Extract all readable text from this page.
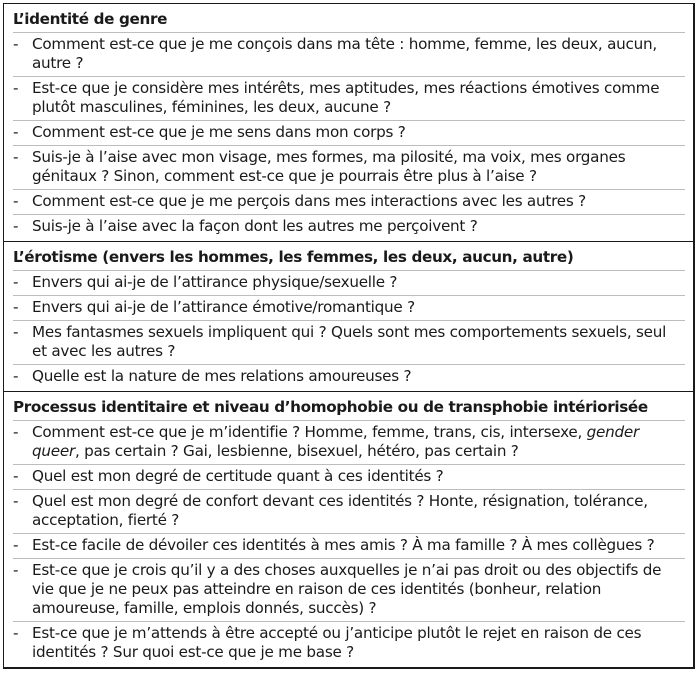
L’identité de genre
- Comment est-ce que je me conçois dans ma tête : homme, femme, les deux, aucun, autre ?
- Est-ce que je considère mes intérêts, mes aptitudes, mes réactions émotives comme plutôt masculines, féminines, les deux, aucune ?
- Comment est-ce que je me sens dans mon corps ?
- Suis-je à l’aise avec mon visage, mes formes, ma pilosité, ma voix, mes organes génitaux ? Sinon, comment est-ce que je pourrais être plus à l’aise ?
- Comment est-ce que je me perçois dans mes interactions avec les autres ?
- Suis-je à l’aise avec la façon dont les autres me perçoivent ?
L’érotisme (envers les hommes, les femmes, les deux, aucun, autre)
- Envers qui ai-je de l’attirance physique/sexuelle ?
- Envers qui ai-je de l’attirance émotive/romantique ?
- Mes fantasmes sexuels impliquent qui ? Quels sont mes comportements sexuels, seul et avec les autres ?
- Quelle est la nature de mes relations amoureuses ?
Processus identitaire et niveau d’homophobie ou de transphobie intériorisée
- Comment est-ce que je m’identifie ? Homme, femme, trans, cis, intersexe, gender queer, pas certain ? Gai, lesbienne, bisexuel, hétéro, pas certain ?
- Quel est mon degré de certitude quant à ces identités ?
- Quel est mon degré de confort devant ces identités ? Honte, résignation, tolérance, acceptation, fierté ?
- Est-ce facile de dévoiler ces identités à mes amis ? À ma famille ? À mes collègues ?
- Est-ce que je crois qu’il y a des choses auxquelles je n’ai pas droit ou des objectifs de vie que je ne peux pas atteindre en raison de ces identités (bonheur, relation amoureuse, famille, emplois donnés, succès) ?
- Est-ce que je m’attends à être accepté ou j’anticipe plutôt le rejet en raison de ces identités ? Sur quoi est-ce que je me base ?
